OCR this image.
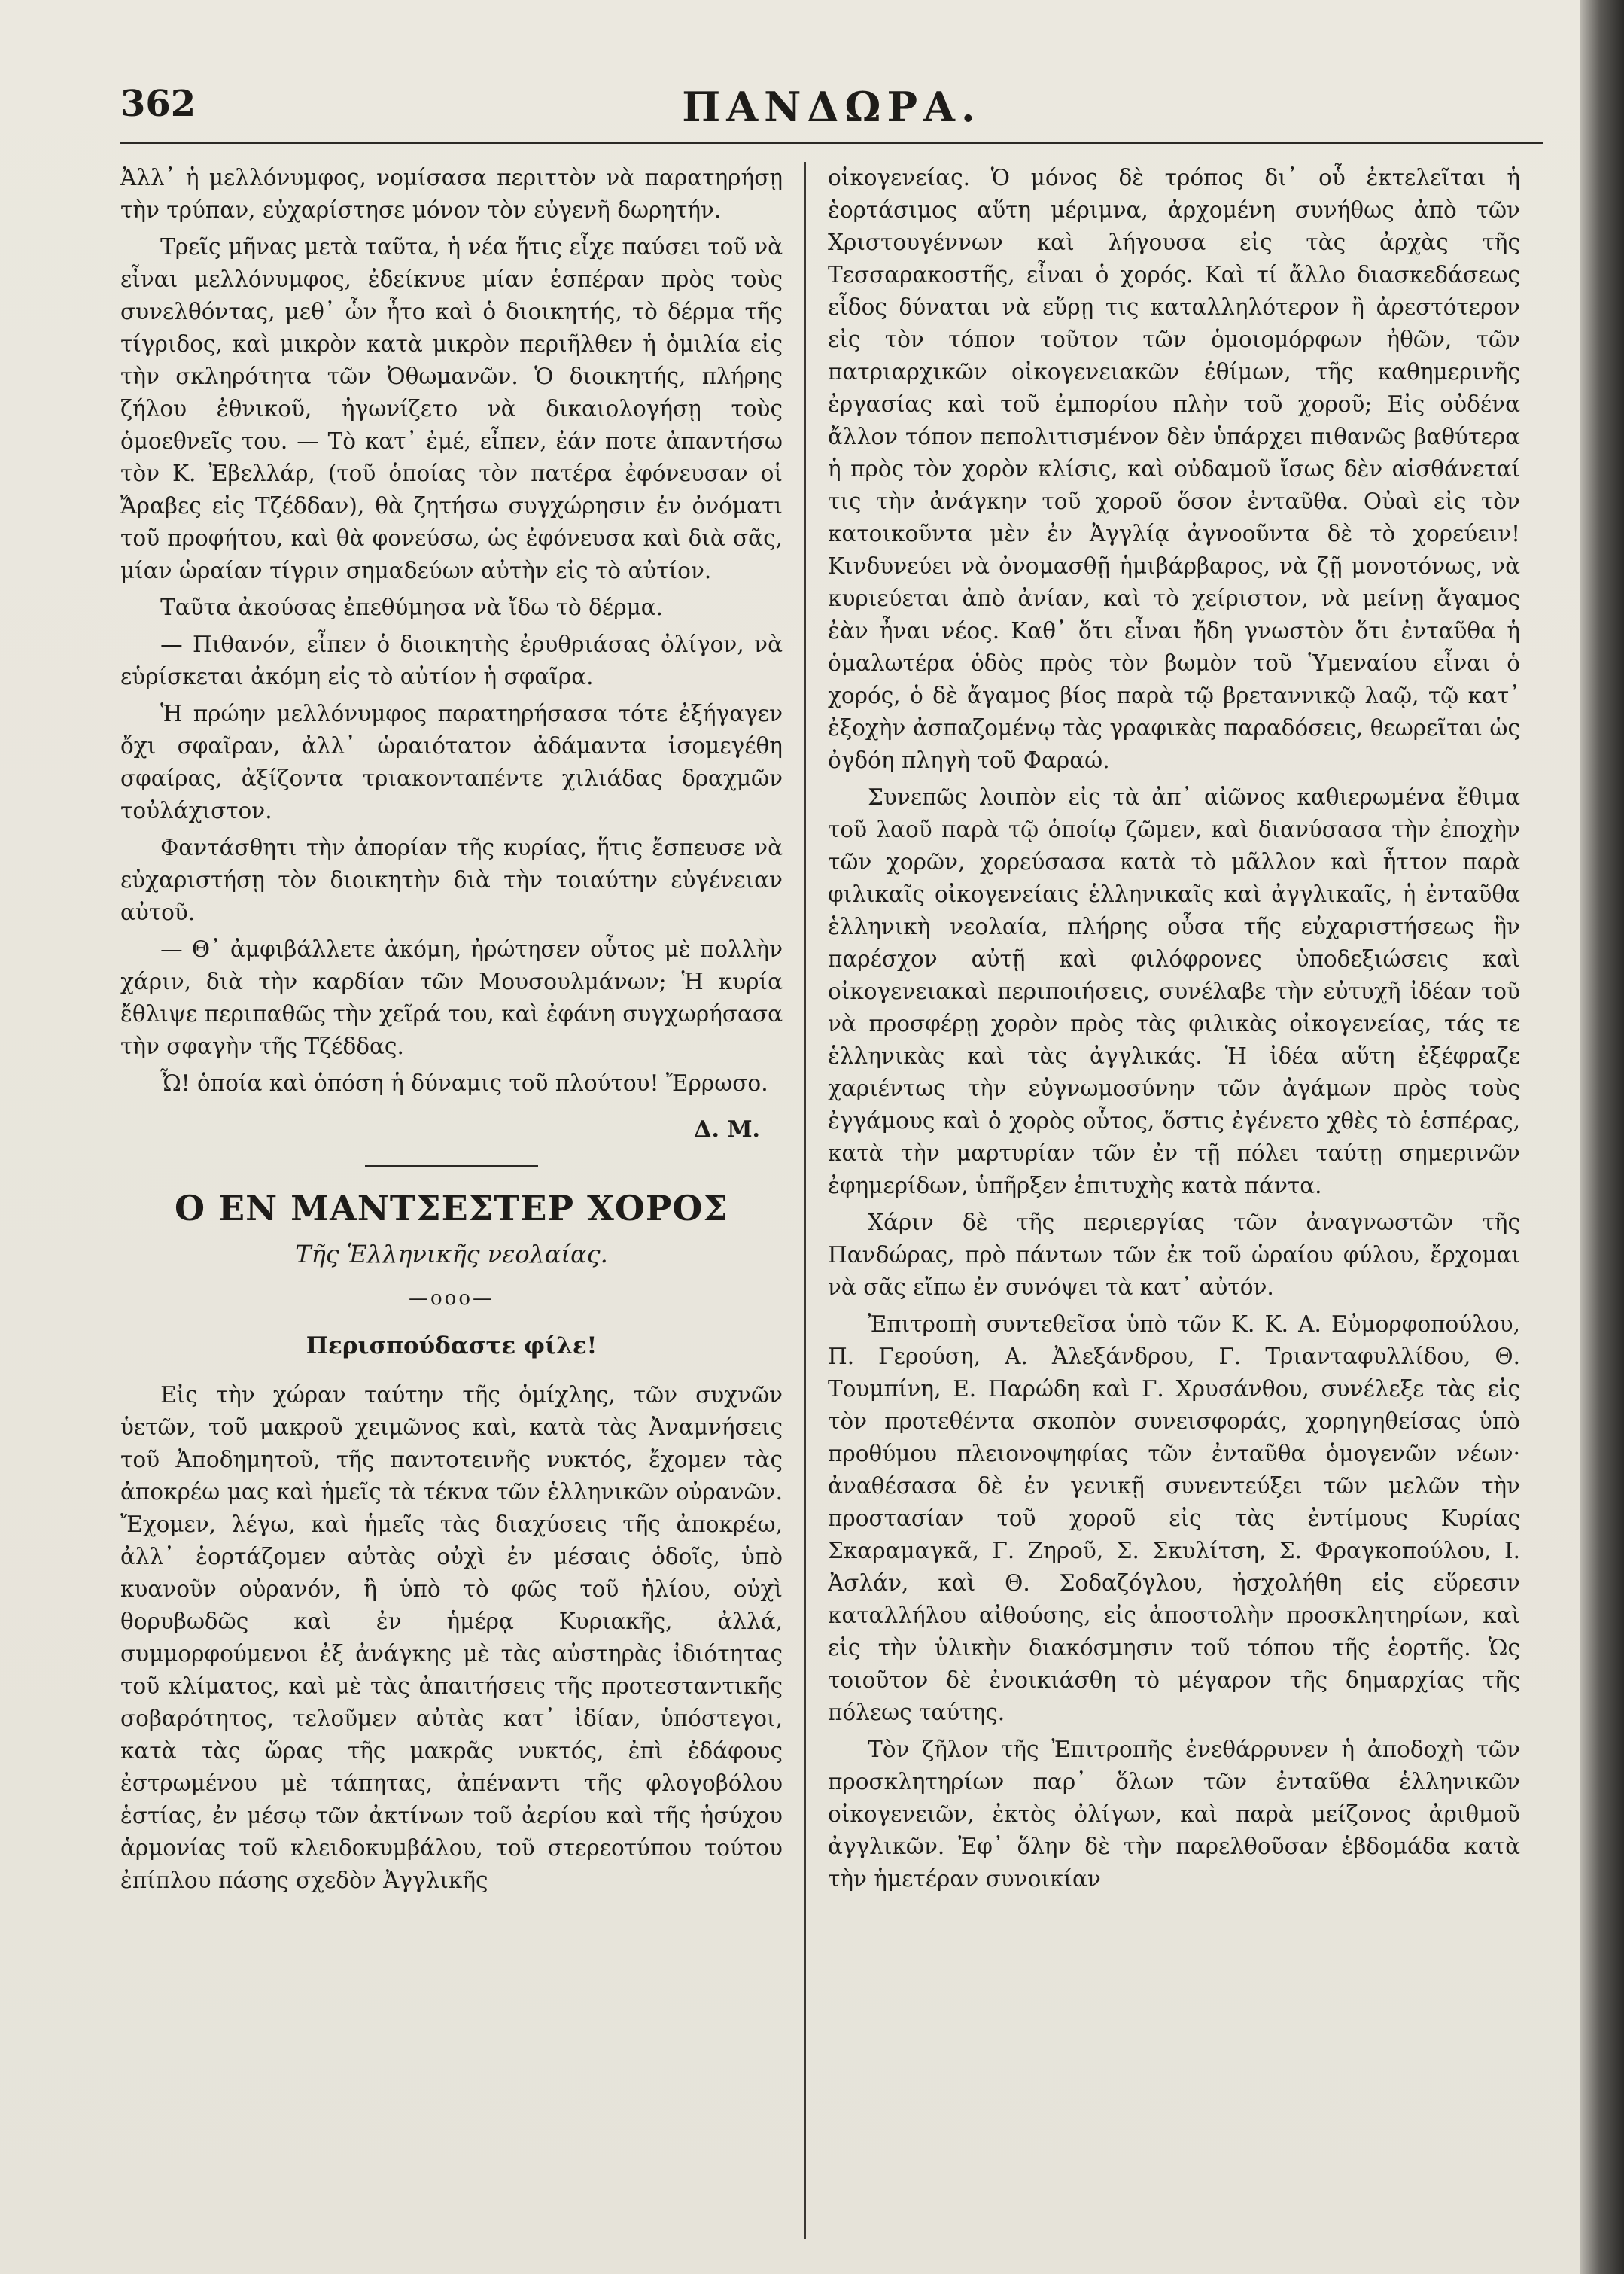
362	ΠΑΝΔΩΡΑ.

Ἀλλ᾽ ἡ μελλόνυμφος, νομίσασα περιττὸν νὰ παρατηρήσῃ τὴν τρύπαν, εὐχαρίστησε μόνον τὸν εὐγενῆ δωρητήν.

Τρεῖς μῆνας μετὰ ταῦτα, ἡ νέα ἥτις εἶχε παύσει τοῦ νὰ εἶναι μελλόνυμφος, ἐδείκνυε μίαν ἑσπέραν πρὸς τοὺς συνελθόντας, μεθ᾽ ὧν ἦτο καὶ ὁ διοικητής, τὸ δέρμα τῆς τίγριδος, καὶ μικρὸν κατὰ μικρὸν περιῆλθεν ἡ ὁμιλία εἰς τὴν σκληρότητα τῶν Ὀθωμανῶν. Ὁ διοικητής, πλήρης ζήλου ἐθνικοῦ, ἠγωνίζετο νὰ δικαιολογήσῃ τοὺς ὁμοεθνεῖς του. — Τὸ κατ᾽ ἐμέ, εἶπεν, ἐάν ποτε ἀπαντήσω τὸν Κ. Ἐβελλάρ, (τοῦ ὁποίας τὸν πατέρα ἐφόνευσαν οἱ Ἄραβες εἰς Τζέδδαν), θὰ ζητήσω συγχώρησιν ἐν ὀνόματι τοῦ προφήτου, καὶ θὰ φονεύσω, ὡς ἐφόνευσα καὶ διὰ σᾶς, μίαν ὡραίαν τίγριν σημαδεύων αὐτὴν εἰς τὸ αὐτίον.

Ταῦτα ἀκούσας ἐπεθύμησα νὰ ἴδω τὸ δέρμα.

— Πιθανόν, εἶπεν ὁ διοικητὴς ἐρυθριάσας ὀλίγον, νὰ εὑρίσκεται ἀκόμη εἰς τὸ αὐτίον ἡ σφαῖρα.

Ἡ πρώην μελλόνυμφος παρατηρήσασα τότε ἐξήγαγεν ὄχι σφαῖραν, ἀλλ᾽ ὡραιότατον ἀδάμαντα ἰσομεγέθη σφαίρας, ἀξίζοντα τριακονταπέντε χιλιάδας δραχμῶν τοὐλάχιστον.

Φαντάσθητι τὴν ἀπορίαν τῆς κυρίας, ἥτις ἔσπευσε νὰ εὐχαριστήσῃ τὸν διοικητὴν διὰ τὴν τοιαύτην εὐγένειαν αὐτοῦ.

— Θ᾽ ἀμφιβάλλετε ἀκόμη, ἠρώτησεν οὗτος μὲ πολλὴν χάριν, διὰ τὴν καρδίαν τῶν Μουσουλμάνων; Ἡ κυρία ἔθλιψε περιπαθῶς τὴν χεῖρά του, καὶ ἐφάνη συγχωρήσασα τὴν σφαγὴν τῆς Τζέδδας.

Ὦ! ὁποία καὶ ὁπόση ἡ δύναμις τοῦ πλούτου! Ἔρρωσο.

Δ. Μ.
Ο ΕΝ ΜΑΝΤΣΕΣΤΕΡ ΧΟΡΟΣ
Τῆς Ἑλληνικῆς νεολαίας.
—ooo—
Περισπούδαστε φίλε!

Εἰς τὴν χώραν ταύτην τῆς ὁμίχλης, τῶν συχνῶν ὑετῶν, τοῦ μακροῦ χειμῶνος καὶ, κατὰ τὰς Ἀναμνήσεις τοῦ Ἀποδημητοῦ, τῆς παντοτεινῆς νυκτός, ἔχομεν τὰς ἀποκρέω μας καὶ ἡμεῖς τὰ τέκνα τῶν ἑλληνικῶν οὐρανῶν. Ἔχομεν, λέγω, καὶ ἡμεῖς τὰς διαχύσεις τῆς ἀποκρέω, ἀλλ᾽ ἑορτάζομεν αὐτὰς οὐχὶ ἐν μέσαις ὁδοῖς, ὑπὸ κυανοῦν οὐρανόν, ἢ ὑπὸ τὸ φῶς τοῦ ἡλίου, οὐχὶ θορυβωδῶς καὶ ἐν ἡμέρᾳ Κυριακῆς, ἀλλά, συμμορφούμενοι ἐξ ἀνάγκης μὲ τὰς αὐστηρὰς ἰδιότητας τοῦ κλίματος, καὶ μὲ τὰς ἀπαιτήσεις τῆς προτεσταντικῆς σοβαρότητος, τελοῦμεν αὐτὰς κατ᾽ ἰδίαν, ὑπόστεγοι, κατὰ τὰς ὥρας τῆς μακρᾶς νυκτός, ἐπὶ ἐδάφους ἐστρωμένου μὲ τάπητας, ἀπέναντι τῆς φλογοβόλου ἑστίας, ἐν μέσῳ τῶν ἀκτίνων τοῦ ἀερίου καὶ τῆς ἡσύχου ἁρμονίας τοῦ κλειδοκυμβάλου, τοῦ στερεοτύπου τούτου ἐπίπλου πάσης σχεδὸν Ἀγγλικῆς

οἰκογενείας. Ὁ μόνος δὲ τρόπος δι᾽ οὗ ἐκτελεῖται ἡ ἑορτάσιμος αὕτη μέριμνα, ἀρχομένη συνήθως ἀπὸ τῶν Χριστουγέννων καὶ λήγουσα εἰς τὰς ἀρχὰς τῆς Τεσσαρακοστῆς, εἶναι ὁ χορός. Καὶ τί ἄλλο διασκεδάσεως εἶδος δύναται νὰ εὕρῃ τις καταλληλότερον ἢ ἀρεστότερον εἰς τὸν τόπον τοῦτον τῶν ὁμοιομόρφων ἠθῶν, τῶν πατριαρχικῶν οἰκογενειακῶν ἐθίμων, τῆς καθημερινῆς ἐργασίας καὶ τοῦ ἐμπορίου πλὴν τοῦ χοροῦ; Εἰς οὐδένα ἄλλον τόπον πεπολιτισμένον δὲν ὑπάρχει πιθανῶς βαθύτερα ἡ πρὸς τὸν χορὸν κλίσις, καὶ οὐδαμοῦ ἴσως δὲν αἰσθάνεταί τις τὴν ἀνάγκην τοῦ χοροῦ ὅσον ἐνταῦθα. Οὐαὶ εἰς τὸν κατοικοῦντα μὲν ἐν Ἀγγλίᾳ ἀγνοοῦντα δὲ τὸ χορεύειν! Κινδυνεύει νὰ ὀνομασθῇ ἡμιβάρβαρος, νὰ ζῇ μονοτόνως, νὰ κυριεύεται ἀπὸ ἀνίαν, καὶ τὸ χείριστον, νὰ μείνῃ ἄγαμος ἐὰν ἦναι νέος. Καθ᾽ ὅτι εἶναι ἤδη γνωστὸν ὅτι ἐνταῦθα ἡ ὁμαλωτέρα ὁδὸς πρὸς τὸν βωμὸν τοῦ Ὑμεναίου εἶναι ὁ χορός, ὁ δὲ ἄγαμος βίος παρὰ τῷ βρεταννικῷ λαῷ, τῷ κατ᾽ ἐξοχὴν ἀσπαζομένῳ τὰς γραφικὰς παραδόσεις, θεωρεῖται ὡς ὀγδόη πληγὴ τοῦ Φαραώ.

Συνεπῶς λοιπὸν εἰς τὰ ἀπ᾽ αἰῶνος καθιερωμένα ἔθιμα τοῦ λαοῦ παρὰ τῷ ὁποίῳ ζῶμεν, καὶ διανύσασα τὴν ἐποχὴν τῶν χορῶν, χορεύσασα κατὰ τὸ μᾶλλον καὶ ἧττον παρὰ φιλικαῖς οἰκογενείαις ἑλληνικαῖς καὶ ἀγγλικαῖς, ἡ ἐνταῦθα ἑλληνικὴ νεολαία, πλήρης οὖσα τῆς εὐχαριστήσεως ἣν παρέσχον αὐτῇ καὶ φιλόφρονες ὑποδεξιώσεις καὶ οἰκογενειακαὶ περιποιήσεις, συνέλαβε τὴν εὐτυχῆ ἰδέαν τοῦ νὰ προσφέρῃ χορὸν πρὸς τὰς φιλικὰς οἰκογενείας, τάς τε ἑλληνικὰς καὶ τὰς ἀγγλικάς. Ἡ ἰδέα αὕτη ἐξέφραζε χαριέντως τὴν εὐγνωμοσύνην τῶν ἀγάμων πρὸς τοὺς ἐγγάμους καὶ ὁ χορὸς οὗτος, ὅστις ἐγένετο χθὲς τὸ ἑσπέρας, κατὰ τὴν μαρτυρίαν τῶν ἐν τῇ πόλει ταύτῃ σημερινῶν ἐφημερίδων, ὑπῆρξεν ἐπιτυχὴς κατὰ πάντα.

Χάριν δὲ τῆς περιεργίας τῶν ἀναγνωστῶν τῆς Πανδώρας, πρὸ πάντων τῶν ἐκ τοῦ ὡραίου φύλου, ἔρχομαι νὰ σᾶς εἴπω ἐν συνόψει τὰ κατ᾽ αὐτόν.

Ἐπιτροπὴ συντεθεῖσα ὑπὸ τῶν Κ. Κ. Α. Εὐμορφοπούλου, Π. Γερούση, Α. Ἀλεξάνδρου, Γ. Τριανταφυλλίδου, Θ. Τουμπίνη, Ε. Παρώδη καὶ Γ. Χρυσάνθου, συνέλεξε τὰς εἰς τὸν προτεθέντα σκοπὸν συνεισφοράς, χορηγηθείσας ὑπὸ προθύμου πλειονοψηφίας τῶν ἐνταῦθα ὁμογενῶν νέων· ἀναθέσασα δὲ ἐν γενικῇ συνεντεύξει τῶν μελῶν τὴν προστασίαν τοῦ χοροῦ εἰς τὰς ἐντίμους Κυρίας Σκαραμαγκᾶ, Γ. Ζηροῦ, Σ. Σκυλίτση, Σ. Φραγκοπούλου, Ι. Ἀσλάν, καὶ Θ. Σοδαζόγλου, ἠσχολήθη εἰς εὕρεσιν καταλλήλου αἰθούσης, εἰς ἀποστολὴν προσκλητηρίων, καὶ εἰς τὴν ὑλικὴν διακόσμησιν τοῦ τόπου τῆς ἑορτῆς. Ὡς τοιοῦτον δὲ ἐνοικιάσθη τὸ μέγαρον τῆς δημαρχίας τῆς πόλεως ταύτης.

Τὸν ζῆλον τῆς Ἐπιτροπῆς ἐνεθάρρυνεν ἡ ἀποδοχὴ τῶν προσκλητηρίων παρ᾽ ὅλων τῶν ἐνταῦθα ἑλληνικῶν οἰκογενειῶν, ἐκτὸς ὀλίγων, καὶ παρὰ μείζονος ἀριθμοῦ ἀγγλικῶν. Ἐφ᾽ ὅλην δὲ τὴν παρελθοῦσαν ἑβδομάδα κατὰ τὴν ἡμετέραν συνοικίαν
